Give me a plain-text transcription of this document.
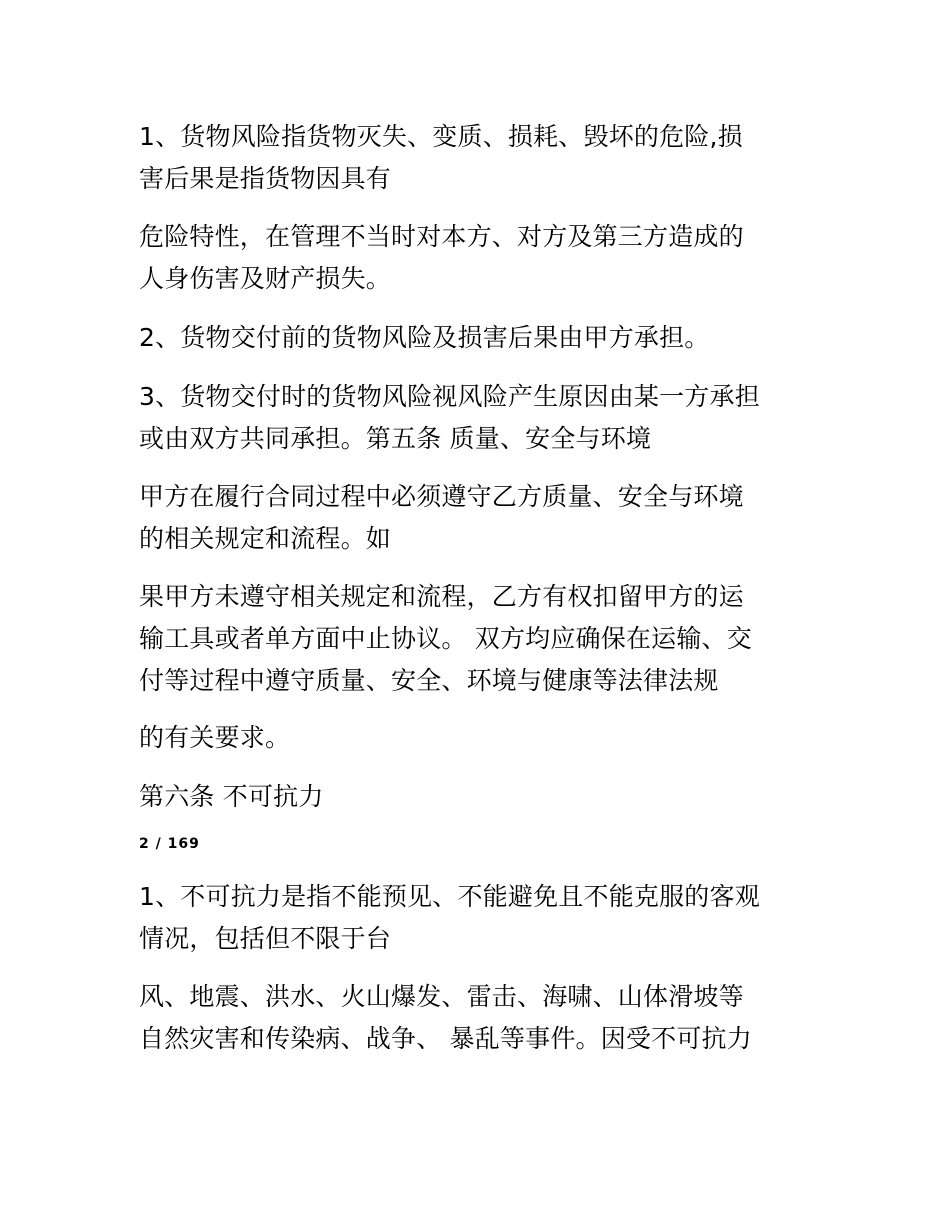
1、货物风险指货物灭失、变质、损耗、毁坏的危险,损
害后果是指货物因具有

危险特性，在管理不当时对本方、对方及第三方造成的
人身伤害及财产损失。

2、货物交付前的货物风险及损害后果由甲方承担。

3、货物交付时的货物风险视风险产生原因由某一方承担
或由双方共同承担。第五条 质量、安全与环境

甲方在履行合同过程中必须遵守乙方质量、安全与环境
的相关规定和流程。如

果甲方未遵守相关规定和流程，乙方有权扣留甲方的运
输工具或者单方面中止协议。 双方均应确保在运输、交
付等过程中遵守质量、安全、环境与健康等法律法规

的有关要求。

第六条 不可抗力

2 / 169

1、不可抗力是指不能预见、不能避免且不能克服的客观
情况，包括但不限于台

风、地震、洪水、火山爆发、雷击、海啸、山体滑坡等
自然灾害和传染病、战争、 暴乱等事件。因受不可抗力
